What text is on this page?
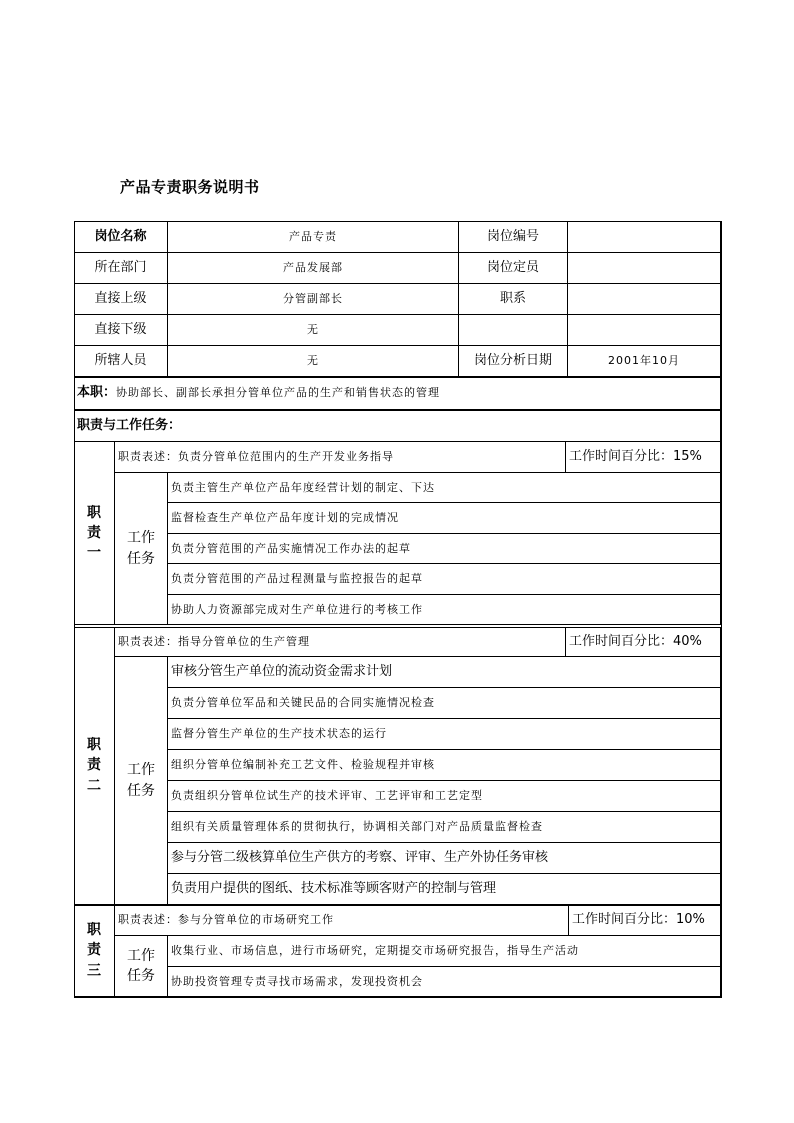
产品专责职务说明书
岗位名称	产品专责	岗位编号
所在部门	产品发展部	岗位定员
直接上级	分管副部长	职系
直接下级	无
所辖人员	无	岗位分析日期	2001年10月
本职： 协助部长、副部长承担分管单位产品的生产和销售状态的管理
职责与工作任务：
职
责
一
职责表述：负责分管单位范围内的生产开发业务指导	工作时间百分比：15%
工作
任务
负责主管生产单位产品年度经营计划的制定、下达
监督检查生产单位产品年度计划的完成情况
负责分管范围的产品实施情况工作办法的起草
负责分管范围的产品过程测量与监控报告的起草
协助人力资源部完成对生产单位进行的考核工作
职
责
二
职责表述：指导分管单位的生产管理	工作时间百分比：40%
工作
任务
审核分管生产单位的流动资金需求计划
负责分管单位军品和关键民品的合同实施情况检查
监督分管生产单位的生产技术状态的运行
组织分管单位编制补充工艺文件、检验规程并审核
负责组织分管单位试生产的技术评审、工艺评审和工艺定型
组织有关质量管理体系的贯彻执行，协调相关部门对产品质量监督检查
参与分管二级核算单位生产供方的考察、评审、生产外协任务审核
负责用户提供的图纸、技术标准等顾客财产的控制与管理
职
责
三
职责表述：参与分管单位的市场研究工作	工作时间百分比：10%
工作
任务
收集行业、市场信息，进行市场研究，定期提交市场研究报告，指导生产活动
协助投资管理专责寻找市场需求，发现投资机会
